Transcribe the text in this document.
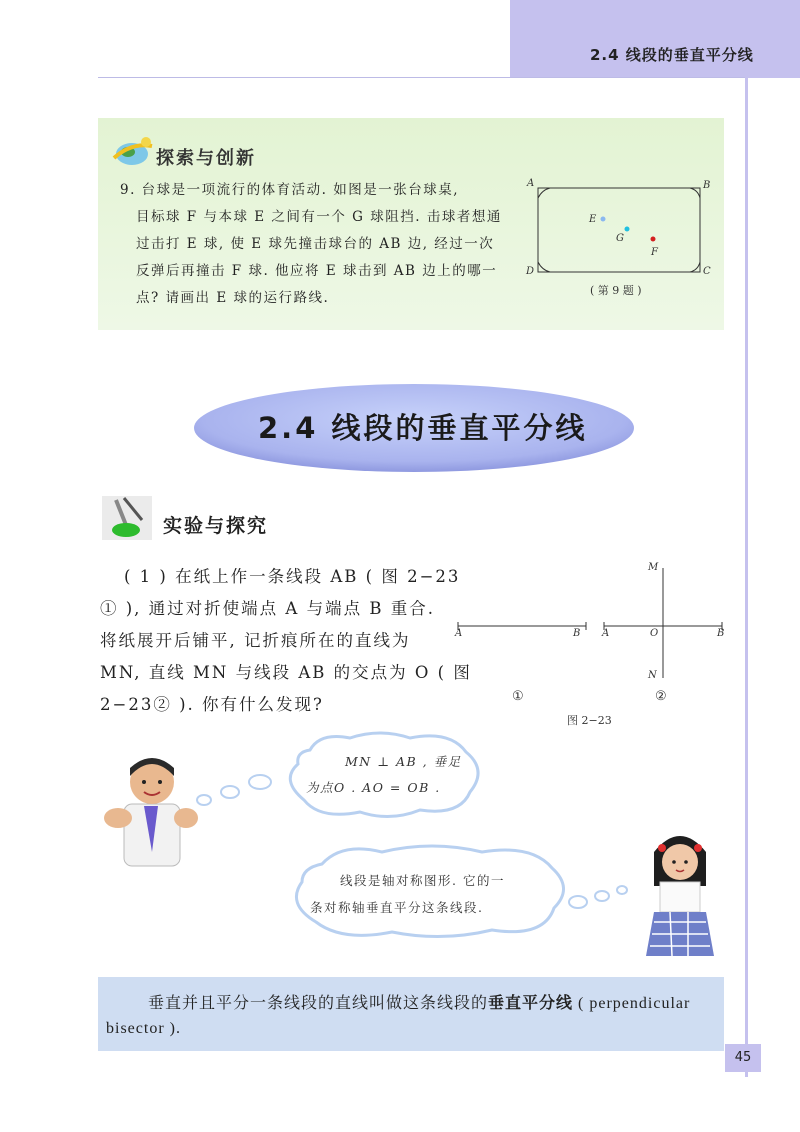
2.4 线段的垂直平分线
探索与创新
9. 台球是一项流行的体育活动. 如图是一张台球桌,
目标球 F 与本球 E 之间有一个 G 球阻挡. 击球者想通
过击打 E 球, 使 E 球先撞击球台的 AB 边, 经过一次
反弹后再撞击 F 球. 他应将 E 球击到 AB 边上的哪一
点? 请画出 E 球的运行路线.
A	B
C
D
E
G
F
( 第 9 题 )
2.4 线段的垂直平分线
实验与探究
( 1 ) 在纸上作一条线段 AB ( 图 2−23
① ), 通过对折使端点 A 与端点 B 重合.
将纸展开后铺平, 记折痕所在的直线为
MN, 直线 MN 与线段 AB 的交点为 O ( 图
2−23② ). 你有什么发现?
A	B
①
M
A	O	B
N
②
图 2−23
MN ⊥ AB , 垂足
为点O . AO = OB .
线段是轴对称图形. 它的一
条对称轴垂直平分这条线段.
垂直并且平分一条线段的直线叫做这条线段的垂直平分线 ( perpendicular
bisector ).
45
